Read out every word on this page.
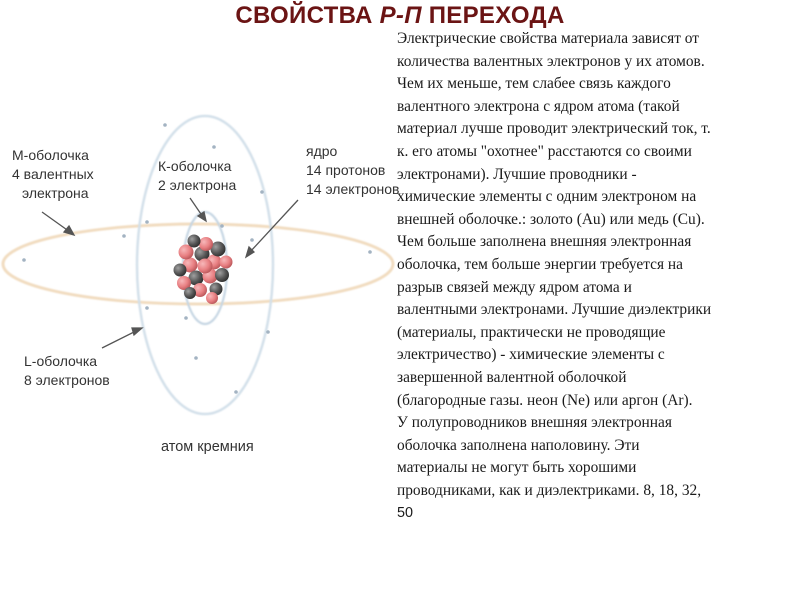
СВОЙСТВА P-П ПЕРЕХОДА
М-оболочка
4 валентных
электрона
К-оболочка
2 электрона
ядро
14 протонов
14 электронов
L-оболочка
8 электронов
атом кремния
Электрические свойства материала зависят от
количества валентных электронов у их атомов.
Чем их меньше, тем слабее связь каждого
валентного электрона с ядром атома (такой
материал лучше проводит электрический ток, т.
к. его атомы "охотнее" расстаются со своими
электронами). Лучшие проводники -
химические элементы с одним электроном на
внешней оболочке.: золото (Au) или медь (Cu).
Чем больше заполнена внешняя электронная
оболочка, тем больше энергии требуется на
разрыв связей между ядром атома и
валентными электронами. Лучшие диэлектрики
(материалы, практически не проводящие
электричество) - химические элементы с
завершенной валентной оболочкой
(благородные газы. неон (Ne) или аргон (Ar).
У полупроводников внешняя электронная
оболочка заполнена наполовину. Эти
материалы не могут быть хорошими
проводниками, как и диэлектриками. 8, 18, 32,
50
